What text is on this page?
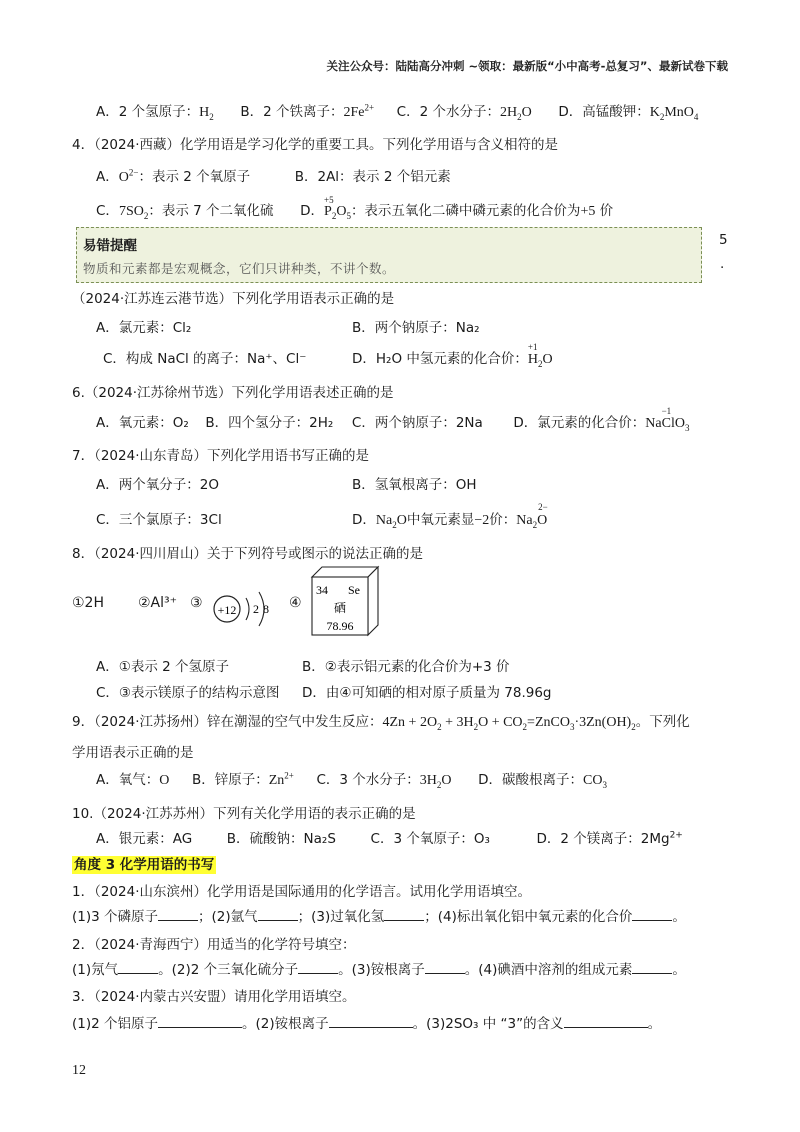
关注公众号：陆陆高分冲刺 ~领取：最新版“小中高考-总复习”、最新试卷下载
A．2 个氢原子：$H_2$ B．2 个铁离子：$2Fe^{2+}$ C．2 个水分子：$2H_2O$ D．高锰酸钾：$K_2MnO_4$
4．（2024·西藏）化学用语是学习化学的重要工具。下列化学用语与含义相符的是
A．$O^{2-}$：表示 2 个氧原子	B．2Al：表示 2 个铝元素
C．$7SO_2$：表示 7 个二氧化硫 D．
+5
$P_2O_5$：表示五氧化二磷中磷元素的化合价为+5 价
易错提醒
物质和元素都是宏观概念，它们只讲种类，不讲个数。
5
.
（2024·江苏连云港节选）下列化学用语表示正确的是
A．氯元素：Cl₂	B．两个钠原子：Na₂
C．构成 NaCl 的离子：Na⁺、Cl⁻	D．H₂O 中氢元素的化合价：
+1
$H_2O$
6.（2024·江苏徐州节选）下列化学用语表述正确的是
A．氧元素：O₂ B．四个氢分子：2H₂ C．两个钠原子：2Na D．氯元素的化合价：Na
−1
ClO$_3$
7．（2024·山东青岛）下列化学用语书写正确的是
A．两个氧分子：2O	B．氢氧根离子：OH
C．三个氯原子：3Cl	D．$Na_2O$中氧元素显−2价：$Na_2$
2−
O
8．（2024·四川眉山）关于下列符号或图示的说法正确的是
①2H ②Al³⁺ ③	④
+12 2 8
34 Se
硒
78.96
A．①表示 2 个氢原子	B．②表示铝元素的化合价为+3 价
C．③表示镁原子的结构示意图 D．由④可知硒的相对原子质量为 78.96g
9．（2024·江苏扬州）锌在潮湿的空气中发生反应：$4Zn + 2O_2 + 3H_2O$ + $CO_2=ZnCO_3\cdot 3Zn(OH)_2$。下列化
学用语表示正确的是
A．氧气：O B．锌原子：$Zn^{2+}$ C．3 个水分子：$3H_2O$ D．碳酸根离子：$CO_3$
10.（2024·江苏苏州）下列有关化学用语的表示正确的是
A．银元素：AG	B．硫酸钠：Na₂S	C．3 个氧原子：O₃	D．2 个镁离子：$2Mg^{2+}$
角度 3 化学用语的书写
1．（2024·山东滨州）化学用语是国际通用的化学语言。试用化学用语填空。
(1)3 个磷原子	；(2)氩气	；(3)过氧化氢	；(4)标出氧化铝中氧元素的化合价	。
2．（2024·青海西宁）用适当的化学符号填空：
(1)氖气	。(2)2 个三氧化硫分子	。(3)铵根离子	。(4)碘酒中溶剂的组成元素	。
3．（2024·内蒙古兴安盟）请用化学用语填空。
(1)2 个铝原子	。(2)铵根离子	。(3)2SO₃ 中 “3”的含义	。
12
